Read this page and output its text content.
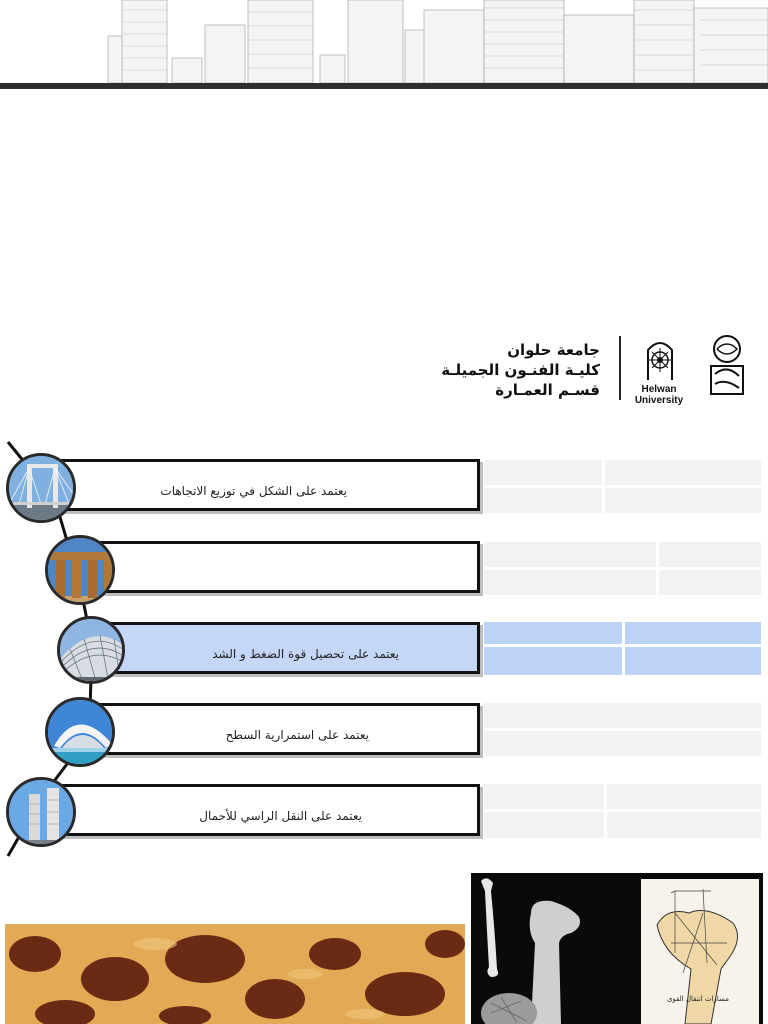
جامعة حلوان
كليـة الفنـون الجميلـة
قسـم العمـارة	Helwan
University
يعتمد على الشكل في توزيع الاتجاهات
يعتمد على تحصيل قوة الضغط و الشد
يعتمد على استمرارية السطح
يعتمد على النقل الراسي للأحمال
مسارات انتقال القوى
